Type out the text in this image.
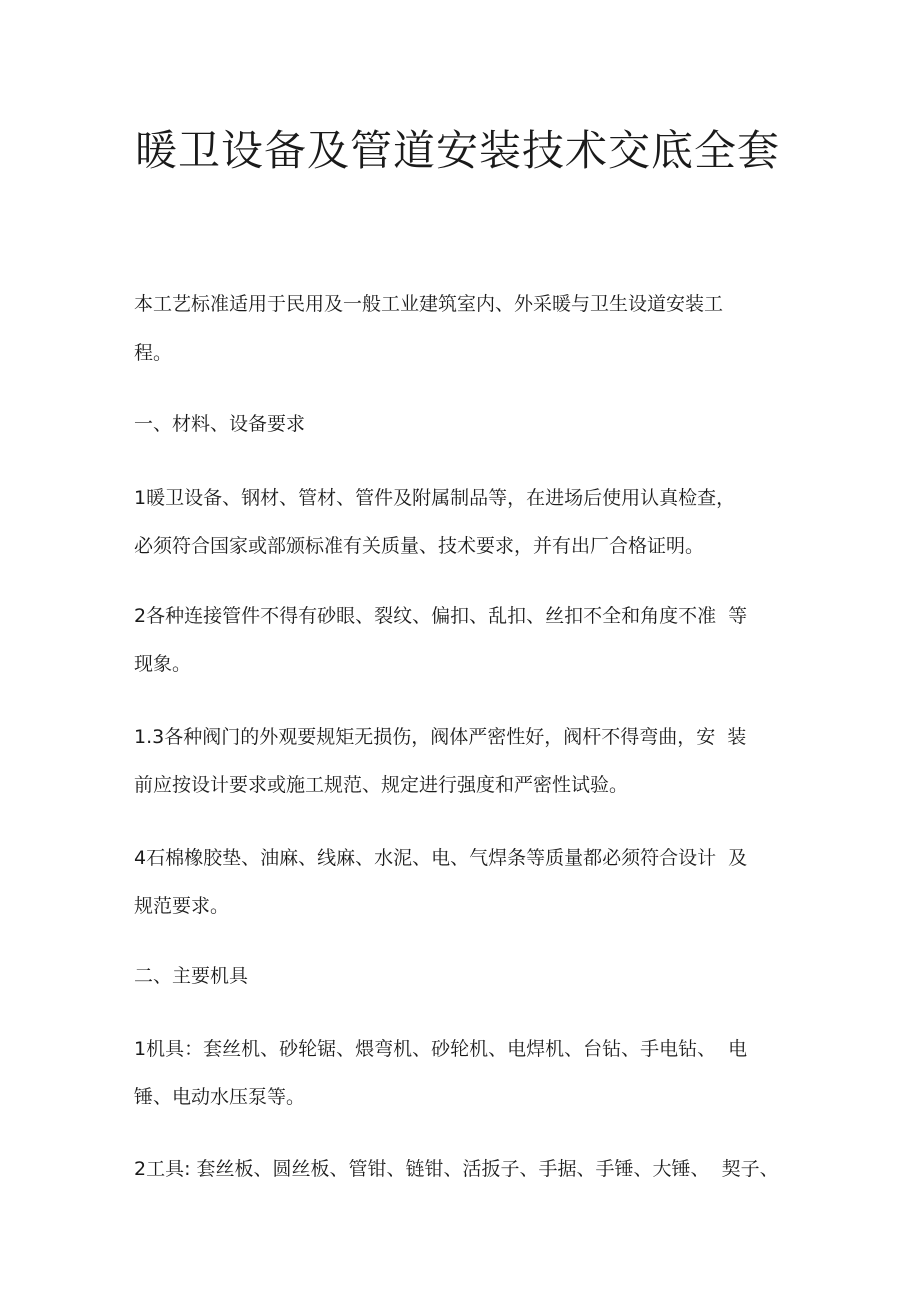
暖卫设备及管道安装技术交底全套

本工艺标准适用于民用及一般工业建筑室内、外采暖与卫生设道安装工

程。

一、材料、设备要求

1暖卫设备、钢材、管材、管件及附属制品等，在进场后使用认真检查，

必须符合国家或部颁标准有关质量、技术要求，并有出厂合格证明。

2各种连接管件不得有砂眼、裂纹、偏扣、乱扣、丝扣不全和角度不准  等

现象。

1.3各种阀门的外观要规矩无损伤，阀体严密性好，阀杆不得弯曲，安  装

前应按设计要求或施工规范、规定进行强度和严密性试验。

4石棉橡胶垫、油麻、线麻、水泥、电、气焊条等质量都必须符合设计  及

规范要求。

二、主要机具

1机具：套丝机、砂轮锯、煨弯机、砂轮机、电焊机、台钻、手电钻、  电

锤、电动水压泵等。

2工具: 套丝板、圆丝板、管钳、链钳、活扳子、手据、手锤、大锤、  契子、
